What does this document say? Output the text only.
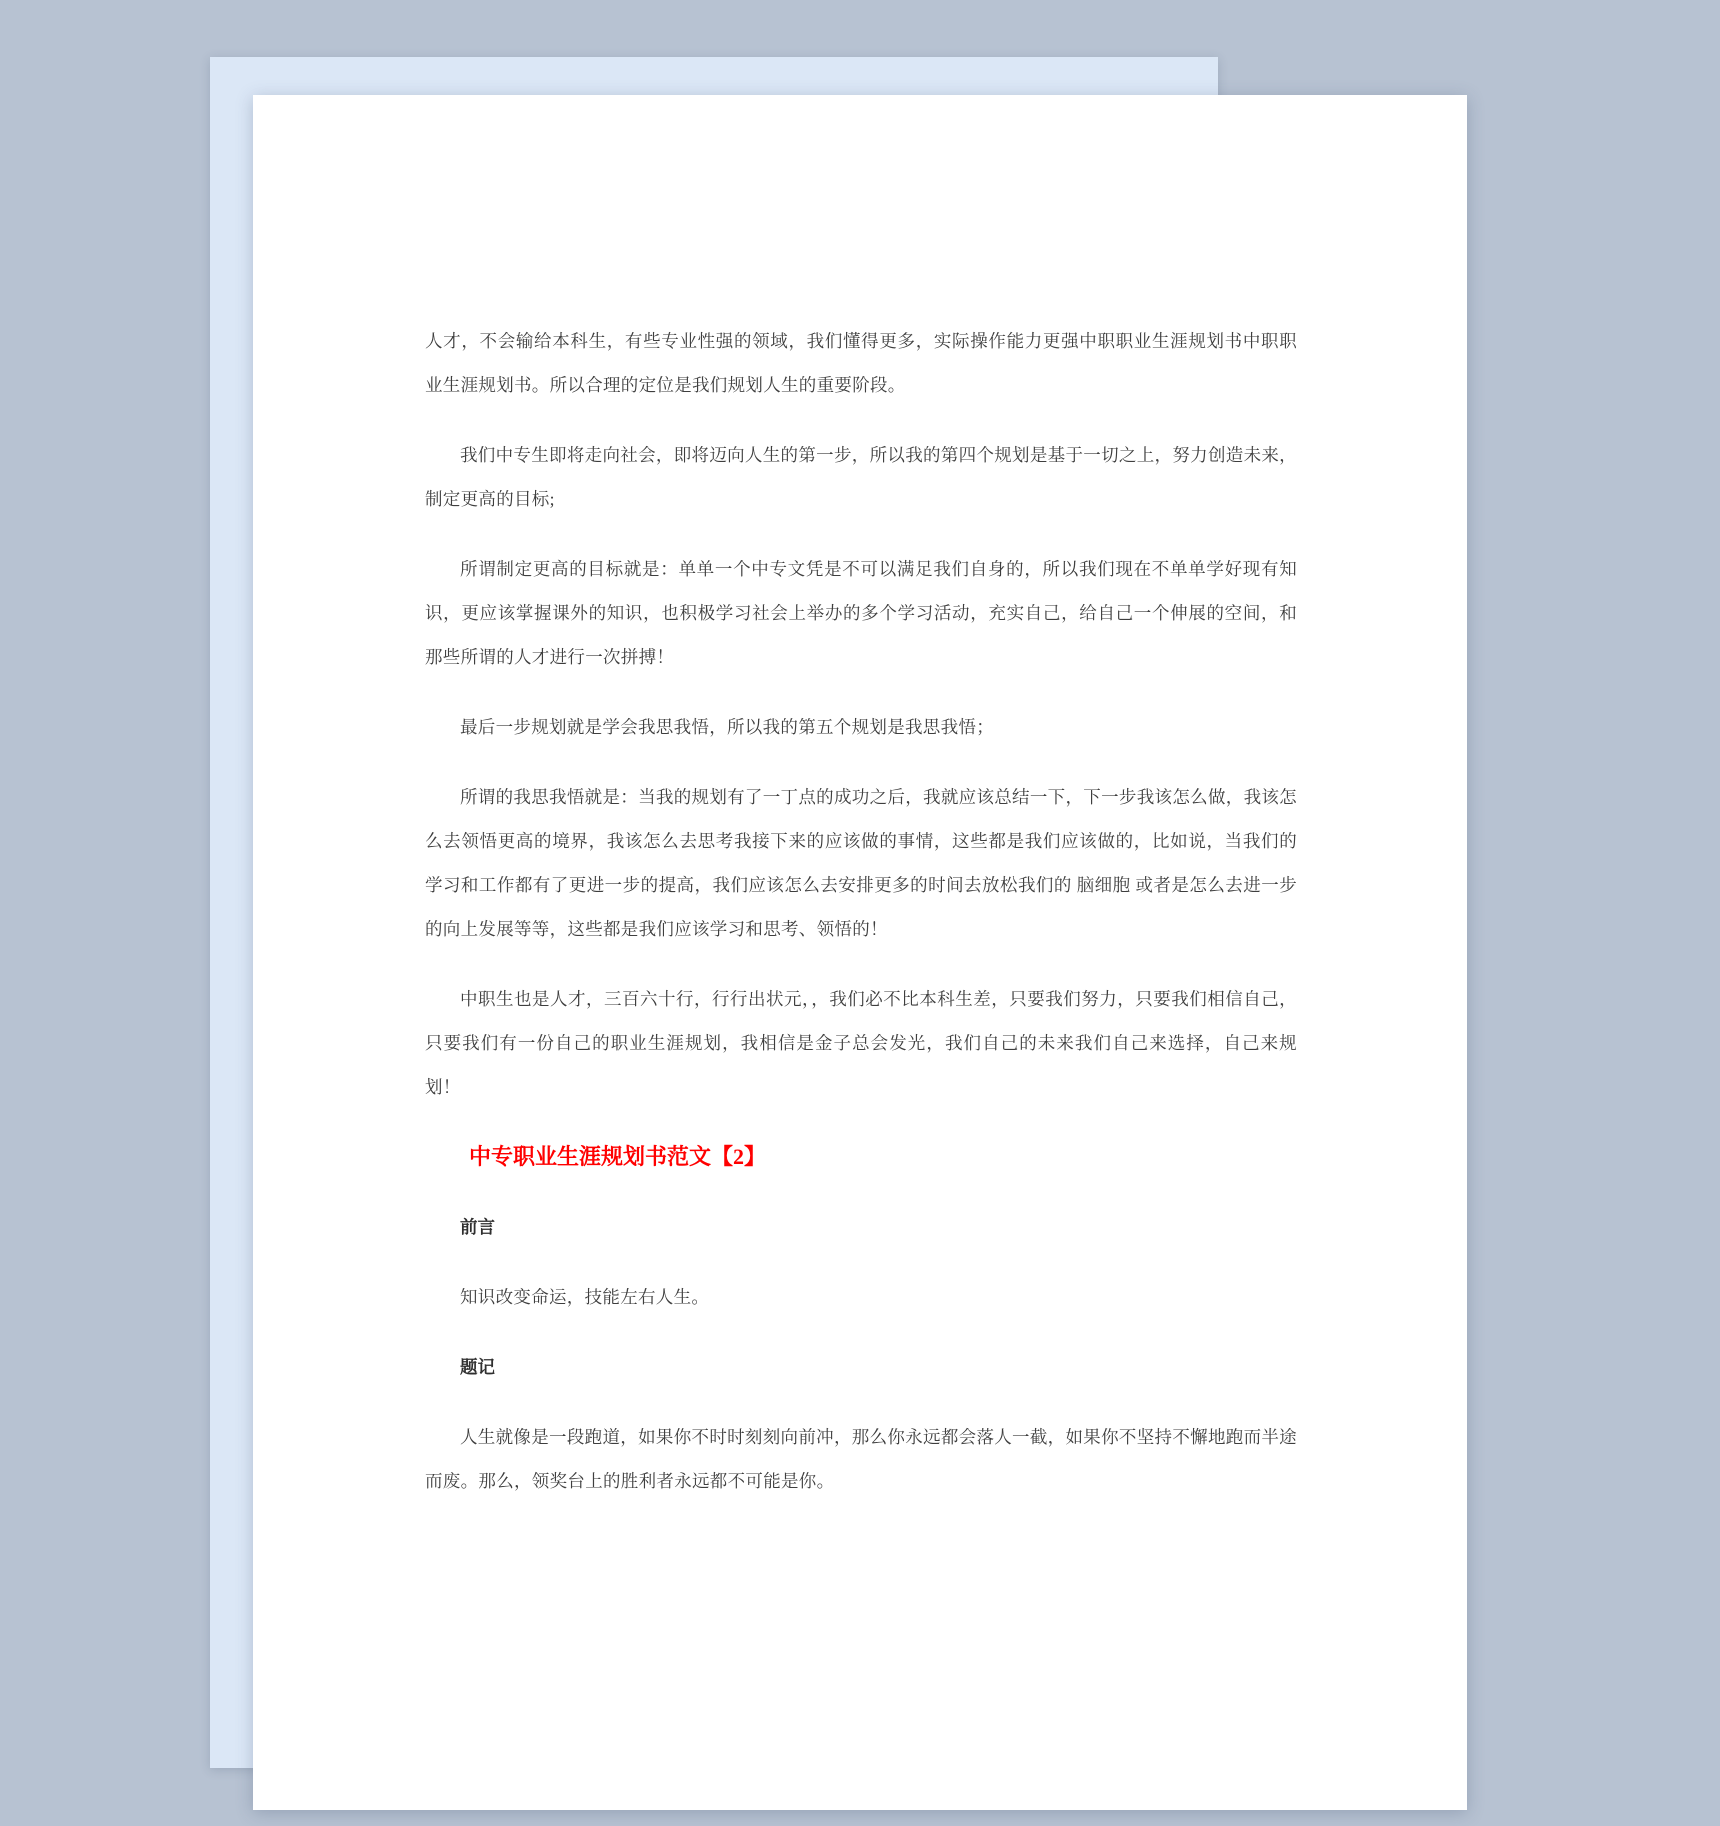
人才，不会输给本科生，有些专业性强的领域，我们懂得更多，实际操作能力更强中职职业生涯规划书中职职业生涯规划书。所以合理的定位是我们规划人生的重要阶段。

我们中专生即将走向社会，即将迈向人生的第一步，所以我的第四个规划是基于一切之上，努力创造未来，制定更高的目标;

所谓制定更高的目标就是：单单一个中专文凭是不可以满足我们自身的，所以我们现在不单单学好现有知识，更应该掌握课外的知识，也积极学习社会上举办的多个学习活动，充实自己，给自己一个伸展的空间，和那些所谓的人才进行一次拼搏！

最后一步规划就是学会我思我悟，所以我的第五个规划是我思我悟；

所谓的我思我悟就是：当我的规划有了一丁点的成功之后，我就应该总结一下，下一步我该怎么做，我该怎么去领悟更高的境界，我该怎么去思考我接下来的应该做的事情，这些都是我们应该做的，比如说，当我们的学习和工作都有了更进一步的提高，我们应该怎么去安排更多的时间去放松我们的 脑细胞 或者是怎么去进一步的向上发展等等，这些都是我们应该学习和思考、领悟的！

中职生也是人才，三百六十行，行行出状元，，我们必不比本科生差，只要我们努力，只要我们相信自己，只要我们有一份自己的职业生涯规划，我相信是金子总会发光，我们自己的未来我们自己来选择，自己来规划！

中专职业生涯规划书范文【2】

前言

知识改变命运，技能左右人生。

题记

人生就像是一段跑道，如果你不时时刻刻向前冲，那么你永远都会落人一截，如果你不坚持不懈地跑而半途而废。那么，领奖台上的胜利者永远都不可能是你。
